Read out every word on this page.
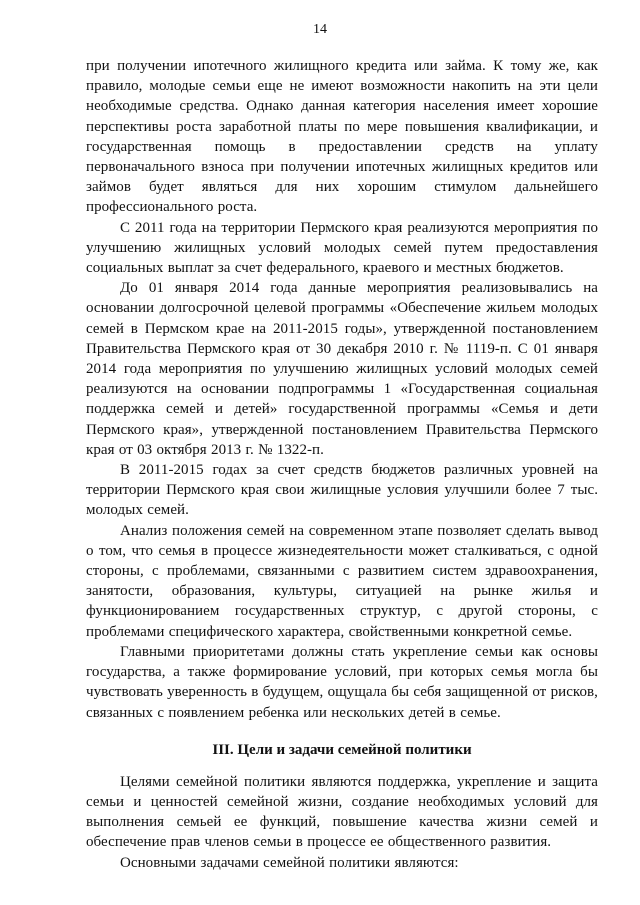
14

при получении ипотечного жилищного кредита или займа. К тому же, как правило, молодые семьи еще не имеют возможности накопить на эти цели необходимые средства. Однако данная категория населения имеет хорошие перспективы роста заработной платы по мере повышения квалификации, и государственная помощь в предоставлении средств на уплату первоначального взноса при получении ипотечных жилищных кредитов или займов будет являться для них хорошим стимулом дальнейшего профессионального роста.

С 2011 года на территории Пермского края реализуются мероприятия по улучшению жилищных условий молодых семей путем предоставления социальных выплат за счет федерального, краевого и местных бюджетов.

До 01 января 2014 года данные мероприятия реализовывались на основании долгосрочной целевой программы «Обеспечение жильем молодых семей в Пермском крае на 2011-2015 годы», утвержденной постановлением Правительства Пермского края от 30 декабря 2010 г. № 1119-п. С 01 января 2014 года мероприятия по улучшению жилищных условий молодых семей реализуются на основании подпрограммы 1 «Государственная социальная поддержка семей и детей» государственной программы «Семья и дети Пермского края», утвержденной постановлением Правительства Пермского края от 03 октября 2013 г. № 1322-п.

В 2011-2015 годах за счет средств бюджетов различных уровней на территории Пермского края свои жилищные условия улучшили более 7 тыс. молодых семей.

Анализ положения семей на современном этапе позволяет сделать вывод о том, что семья в процессе жизнедеятельности может сталкиваться, с одной стороны, с проблемами, связанными с развитием систем здравоохранения, занятости, образования, культуры, ситуацией на рынке жилья и функционированием государственных структур, с другой стороны, с проблемами специфического характера, свойственными конкретной семье.

Главными приоритетами должны стать укрепление семьи как основы государства, а также формирование условий, при которых семья могла бы чувствовать уверенность в будущем, ощущала бы себя защищенной от рисков, связанных с появлением ребенка или нескольких детей в семье.

III. Цели и задачи семейной политики

Целями семейной политики являются поддержка, укрепление и защита семьи и ценностей семейной жизни, создание необходимых условий для выполнения семьей ее функций, повышение качества жизни семей и обеспечение прав членов семьи в процессе ее общественного развития.

Основными задачами семейной политики являются:
